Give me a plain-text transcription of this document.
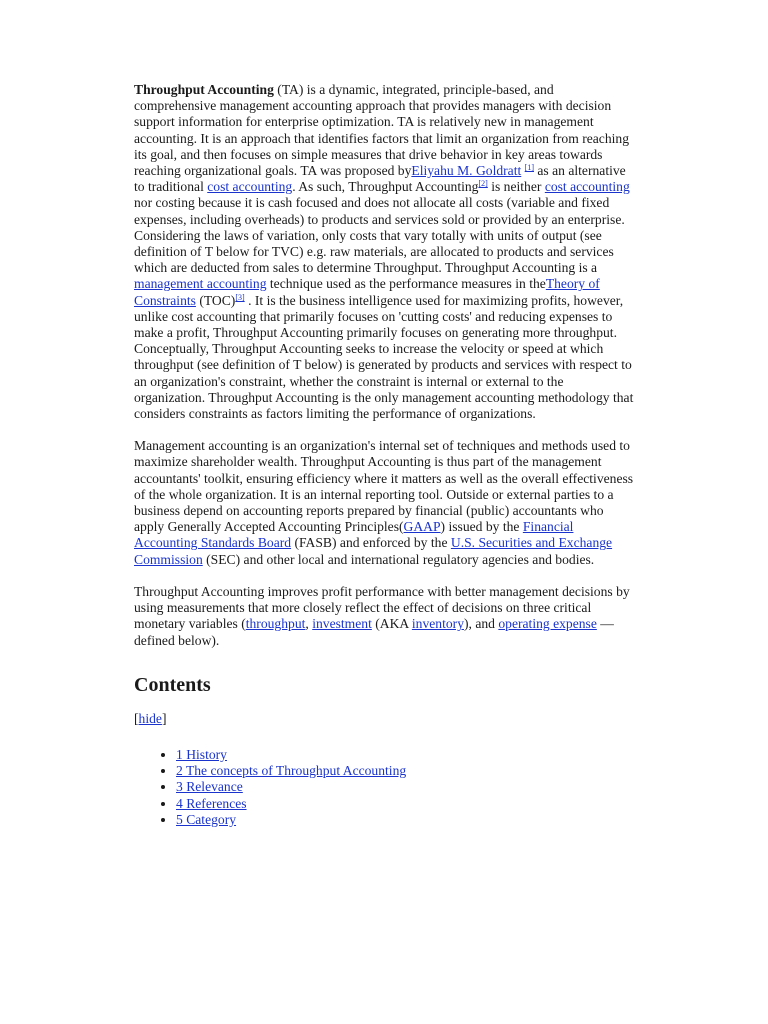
Throughput Accounting (TA) is a dynamic, integrated, principle-based, and comprehensive management accounting approach that provides managers with decision support information for enterprise optimization. TA is relatively new in management accounting. It is an approach that identifies factors that limit an organization from reaching its goal, and then focuses on simple measures that drive behavior in key areas towards reaching organizational goals. TA was proposed byEliyahu M. Goldratt [1] as an alternative to traditional cost accounting. As such, Throughput Accounting[2] is neither cost accounting nor costing because it is cash focused and does not allocate all costs (variable and fixed expenses, including overheads) to products and services sold or provided by an enterprise. Considering the laws of variation, only costs that vary totally with units of output (see definition of T below for TVC) e.g. raw materials, are allocated to products and services which are deducted from sales to determine Throughput. Throughput Accounting is a management accounting technique used as the performance measures in theTheory of Constraints (TOC)[3] . It is the business intelligence used for maximizing profits, however, unlike cost accounting that primarily focuses on 'cutting costs' and reducing expenses to make a profit, Throughput Accounting primarily focuses on generating more throughput. Conceptually, Throughput Accounting seeks to increase the velocity or speed at which throughput (see definition of T below) is generated by products and services with respect to an organization's constraint, whether the constraint is internal or external to the organization. Throughput Accounting is the only management accounting methodology that considers constraints as factors limiting the performance of organizations.

Management accounting is an organization's internal set of techniques and methods used to maximize shareholder wealth. Throughput Accounting is thus part of the management accountants' toolkit, ensuring efficiency where it matters as well as the overall effectiveness of the whole organization. It is an internal reporting tool. Outside or external parties to a business depend on accounting reports prepared by financial (public) accountants who apply Generally Accepted Accounting Principles(GAAP) issued by the Financial Accounting Standards Board (FASB) and enforced by the U.S. Securities and Exchange Commission (SEC) and other local and international regulatory agencies and bodies.

Throughput Accounting improves profit performance with better management decisions by using measurements that more closely reflect the effect of decisions on three critical monetary variables (throughput, investment (AKA inventory), and operating expense — defined below).

Contents
[hide]
• 1 History
• 2 The concepts of Throughput Accounting
• 3 Relevance
• 4 References
• 5 Category
